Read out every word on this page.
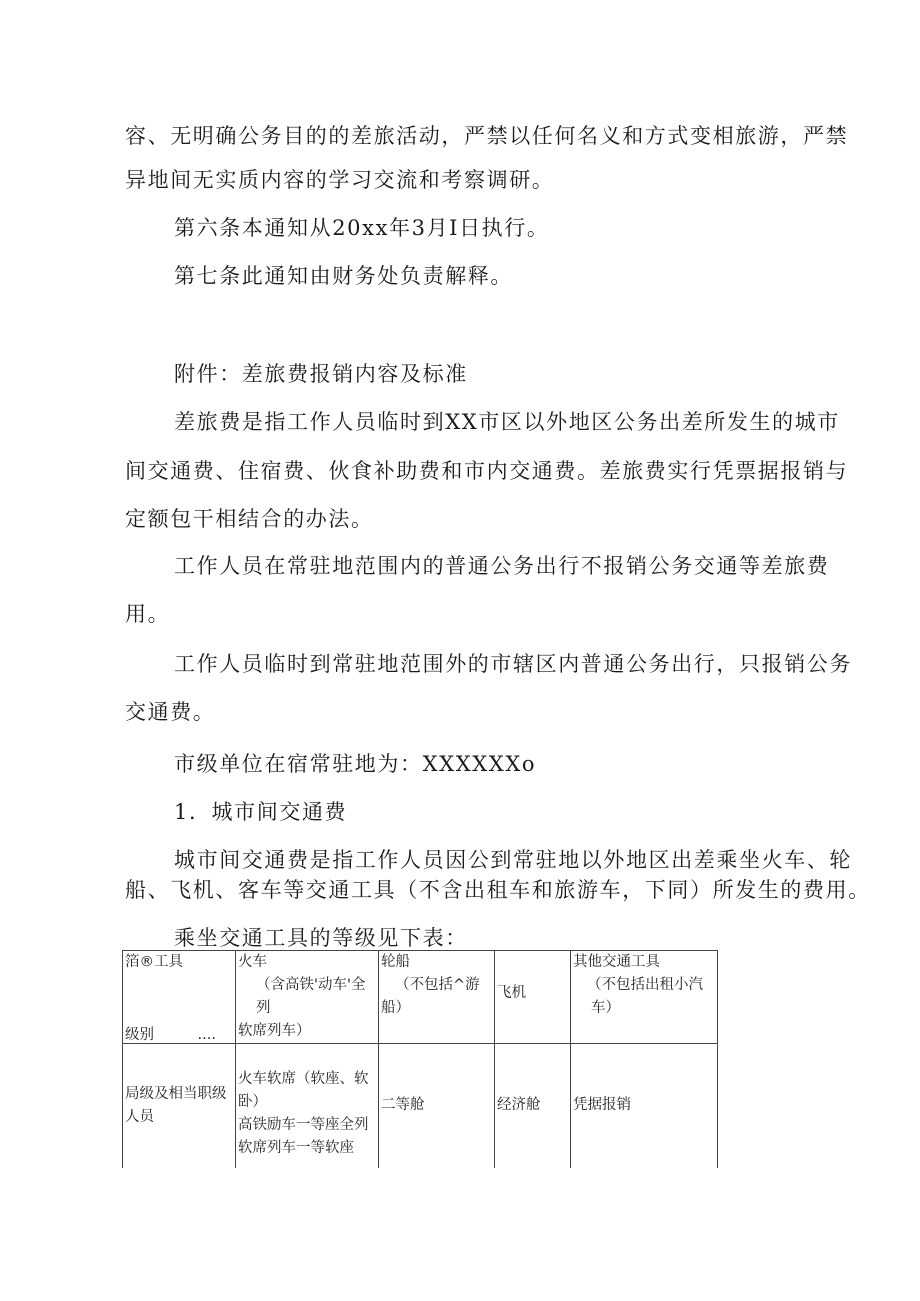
容、无明确公务目的的差旅活动，严禁以任何名义和方式变相旅游，严禁
异地间无实质内容的学习交流和考察调研。
第六条本通知从20xx年3月I日执行。
第七条此通知由财务处负责解释。
附件：差旅费报销内容及标准
差旅费是指工作人员临时到XX市区以外地区公务出差所发生的城市
间交通费、住宿费、伙食补助费和市内交通费。差旅费实行凭票据报销与
定额包干相结合的办法。
工作人员在常驻地范围内的普通公务出行不报销公务交通等差旅费
用。
工作人员临时到常驻地范围外的市辖区内普通公务出行，只报销公务
交通费。
市级单位在宿常驻地为：XXXXXXo
1．城市间交通费
城市间交通费是指工作人员因公到常驻地以外地区出差乘坐火车、轮
船、飞机、客车等交通工具（不含出租车和旅游车，下同）所发生的费用。
乘坐交通工具的等级见下表：
箔®工具
级别　　　....	火车
（含高铁'动车'全列
软席列车）	轮船
（不包括^游
船）	飞机	其他交通工具
（不包括出租小汽
车）

局级及相当职级
人员	火车软席（软座、软
卧）
高铁励车一等座全列
软席列车一等软座	二等舱	经济舱	凭据报销
